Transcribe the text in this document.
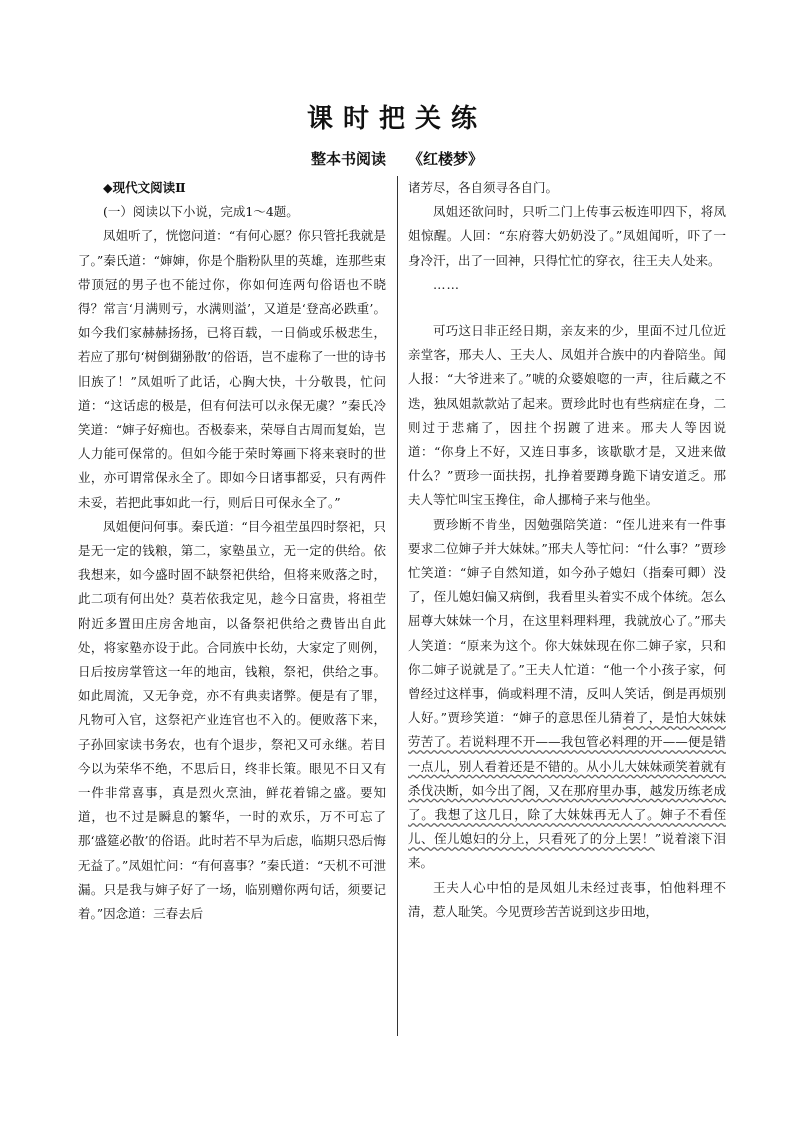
课时把关练
整本书阅读 《红楼梦》

◆现代文阅读Ⅱ

(一）阅读以下小说，完成1～4题。

凤姐听了，恍惚问道：“有何心愿？你只管托我就是了。”秦氏道：“婶婶，你是个脂粉队里的英雄，连那些束带顶冠的男子也不能过你，你如何连两句俗语也不晓得？常言‘月满则亏，水满则溢’，又道是‘登高必跌重’。如今我们家赫赫扬扬，已将百载，一日倘或乐极悲生，若应了那句‘树倒猢狲散’的俗语，岂不虚称了一世的诗书旧族了！”凤姐听了此话，心胸大快，十分敬畏，忙问道：“这话虑的极是，但有何法可以永保无虞？”秦氏冷笑道：“婶子好痴也。否极泰来，荣辱自古周而复始，岂人力能可保常的。但如今能于荣时筹画下将来衰时的世业，亦可谓常保永全了。即如今日诸事都妥，只有两件未妥，若把此事如此一行，则后日可保永全了。”

凤姐便问何事。秦氏道：“目今祖茔虽四时祭祀，只是无一定的钱粮，第二，家塾虽立，无一定的供给。依我想来，如今盛时固不缺祭祀供给，但将来败落之时，此二项有何出处？莫若依我定见，趁今日富贵，将祖茔附近多置田庄房舍地亩，以备祭祀供给之费皆出自此处，将家塾亦设于此。合同族中长幼，大家定了则例，日后按房掌管这一年的地亩，钱粮，祭祀，供给之事。如此周流，又无争竞，亦不有典卖诸弊。便是有了罪，凡物可入官，这祭祀产业连官也不入的。便败落下来，子孙回家读书务农，也有个退步，祭祀又可永继。若目今以为荣华不绝，不思后日，终非长策。眼见不日又有一件非常喜事，真是烈火烹油，鲜花着锦之盛。要知道，也不过是瞬息的繁华，一时的欢乐，万不可忘了那‘盛筵必散’的俗语。此时若不早为后虑，临期只恐后悔无益了。”凤姐忙问：“有何喜事？”秦氏道：“天机不可泄漏。只是我与婶子好了一场，临别赠你两句话，须要记着。”因念道：三春去后

诸芳尽，各自须寻各自门。

凤姐还欲问时，只听二门上传事云板连叩四下，将凤姐惊醒。人回：“东府蓉大奶奶没了。”凤姐闻听，吓了一身冷汗，出了一回神，只得忙忙的穿衣，往王夫人处来。

……

可巧这日非正经日期，亲友来的少，里面不过几位近亲堂客，邢夫人、王夫人、凤姐并合族中的内眷陪坐。闻人报：“大爷进来了。”唬的众婆娘唿的一声，往后藏之不迭，独凤姐款款站了起来。贾珍此时也有些病症在身，二则过于悲痛了，因拄个拐踱了进来。邢夫人等因说道：“你身上不好，又连日事多，该歇歇才是，又进来做什么？”贾珍一面扶拐，扎挣着要蹲身跪下请安道乏。邢夫人等忙叫宝玉搀住，命人挪椅子来与他坐。

贾珍断不肯坐，因勉强陪笑道：“侄儿进来有一件事要求二位婶子并大妹妹。”邢夫人等忙问：“什么事？”贾珍忙笑道：“婶子自然知道，如今孙子媳妇（指秦可卿）没了，侄儿媳妇偏又病倒，我看里头着实不成个体统。怎么屈尊大妹妹一个月，在这里料理料理，我就放心了。”邢夫人笑道：“原来为这个。你大妹妹现在你二婶子家，只和你二婶子说就是了。”王夫人忙道：“他一个小孩子家，何曾经过这样事，倘或料理不清，反叫人笑话，倒是再烦别人好。”贾珍笑道：“婶子的意思侄儿猜着了，是怕大妹妹劳苦了。若说料理不开——我包管必料理的开——便是错一点儿，别人看着还是不错的。从小儿大妹妹顽笑着就有杀伐决断，如今出了阁，又在那府里办事，越发历练老成了。我想了这几日，除了大妹妹再无人了。婶子不看侄儿、侄儿媳妇的分上，只看死了的分上罢！”说着滚下泪来。

王夫人心中怕的是凤姐儿未经过丧事，怕他料理不清，惹人耻笑。今见贾珍苦苦说到这步田地，
